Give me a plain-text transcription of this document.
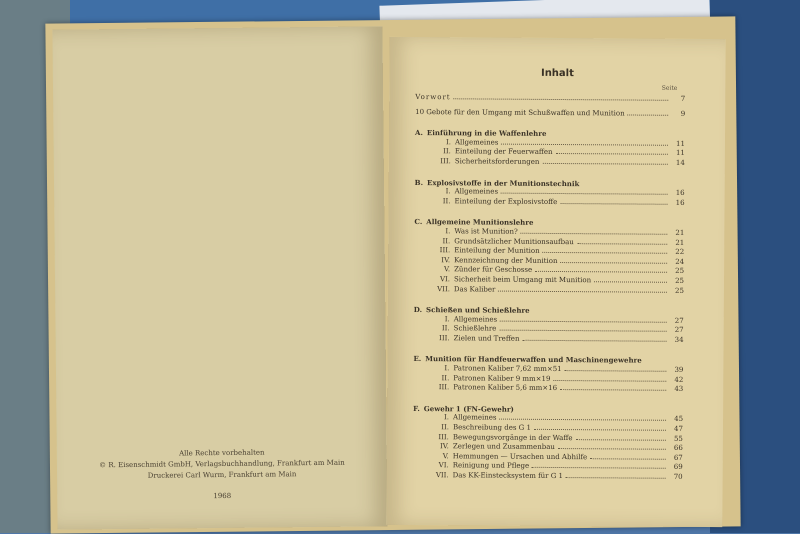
Alle Rechte vorbehalten
© R. Eisenschmidt GmbH, Verlagsbuchhandlung, Frankfurt am Main
Druckerei Carl Wurm, Frankfurt am Main
1968
Inhalt
Seite
Vorwort	7
10 Gebote für den Umgang mit Schußwaffen und Munition	9
A. Einführung in die Waffenlehre
I. Allgemeines	11
II. Einteilung der Feuerwaffen	11
III. Sicherheitsforderungen	14
B. Explosivstoffe in der Munitionstechnik
I. Allgemeines	16
II. Einteilung der Explosivstoffe	16
C. Allgemeine Munitionslehre
I. Was ist Munition?	21
II. Grundsätzlicher Munitionsaufbau	21
III. Einteilung der Munition	22
IV. Kennzeichnung der Munition	24
V. Zünder für Geschosse	25
VI. Sicherheit beim Umgang mit Munition	25
VII. Das Kaliber	25
D. Schießen und Schießlehre
I. Allgemeines	27
II. Schießlehre	27
III. Zielen und Treffen	34
E. Munition für Handfeuerwaffen und Maschinengewehre
I. Patronen Kaliber 7,62 mm×51	39
II. Patronen Kaliber 9 mm×19	42
III. Patronen Kaliber 5,6 mm×16	43
F. Gewehr 1 (FN-Gewehr)
I. Allgemeines	45
II. Beschreibung des G 1	47
III. Bewegungsvorgänge in der Waffe	55
IV. Zerlegen und Zusammenbau	66
V. Hemmungen — Ursachen und Abhilfe	67
VI. Reinigung und Pflege	69
VII. Das KK-Einstecksystem für G 1	70
